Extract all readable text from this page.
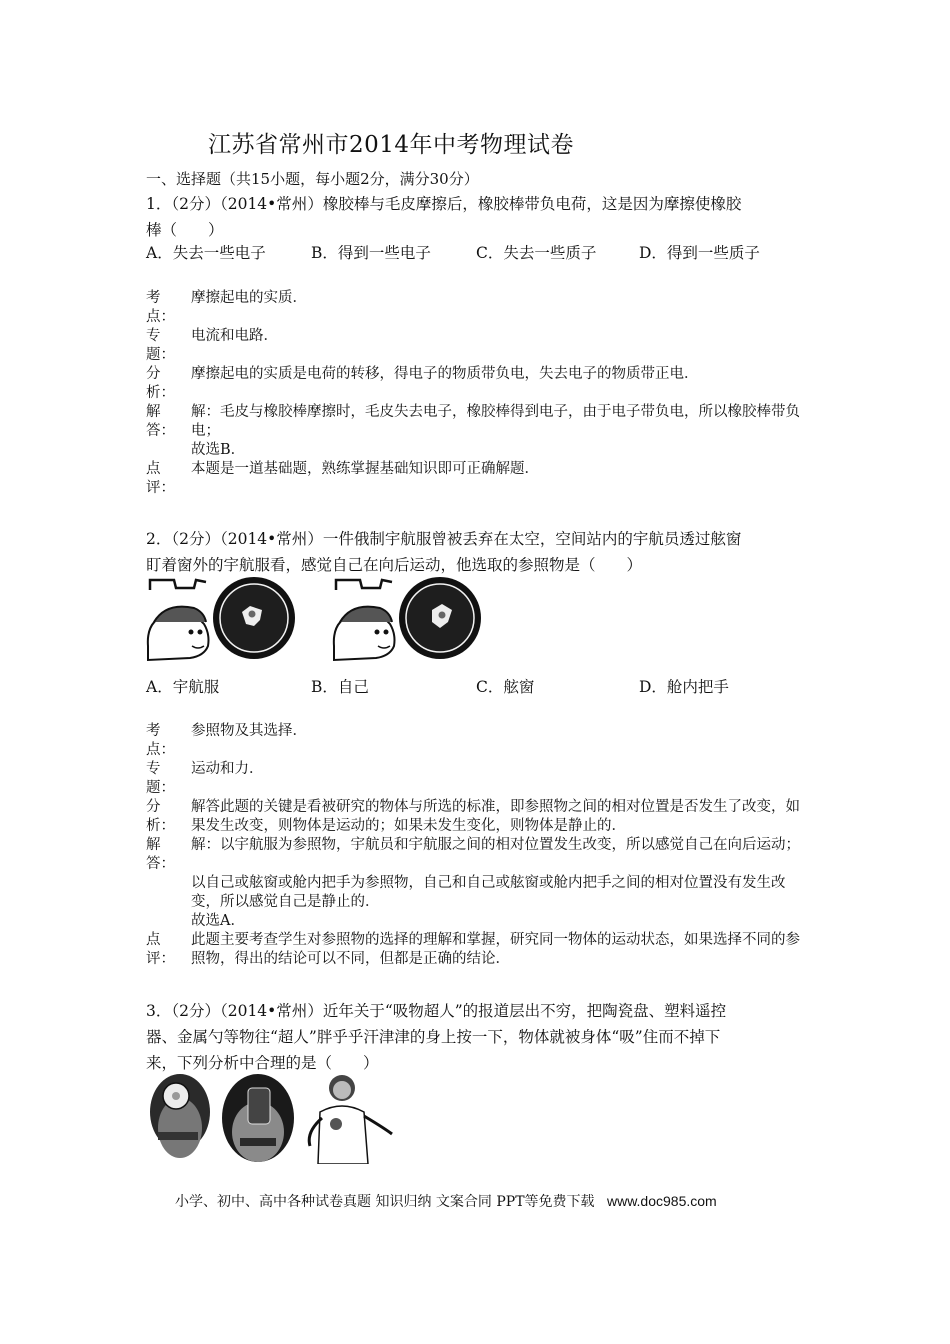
江苏省常州市2014年中考物理试卷
一、选择题（共15小题，每小题2分，满分30分）
1．（2分）（2014•常州）橡胶棒与毛皮摩擦后，橡胶棒带负电荷，这是因为摩擦使橡胶
棒（　　）
A．失去一些电子	B．得到一些电子	C．失去一些质子	D．得到一些质子
考点：
摩擦起电的实质．
专题：
电流和电路．
分析：
摩擦起电的实质是电荷的转移，得电子的物质带负电，失去电子的物质带正电．
解答：
解：毛皮与橡胶棒摩擦时，毛皮失去电子，橡胶棒得到电子，由于电子带负电，所以橡胶棒带负电；
故选B．
点评：
本题是一道基础题，熟练掌握基础知识即可正确解题．
2．（2分）（2014•常州）一件俄制宇航服曾被丢弃在太空，空间站内的宇航员透过舷窗
盯着窗外的宇航服看，感觉自己在向后运动，他选取的参照物是（　　）
A．宇航服	B．自己	C．舷窗	D．舱内把手
考点：
参照物及其选择．
专题：
运动和力．
分析：
解答此题的关键是看被研究的物体与所选的标准，即参照物之间的相对位置是否发生了改变，如果发生改变，则物体是运动的；如果未发生变化，则物体是静止的．
解答：
解：以宇航服为参照物，宇航员和宇航服之间的相对位置发生改变，所以感觉自己在向后运动；
以自己或舷窗或舱内把手为参照物，自己和自己或舷窗或舱内把手之间的相对位置没有发生改变，所以感觉自己是静止的．
故选A．
点评：
此题主要考查学生对参照物的选择的理解和掌握，研究同一物体的运动状态，如果选择不同的参照物，得出的结论可以不同，但都是正确的结论．
3．（2分）（2014•常州）近年关于“吸物超人”的报道层出不穷，把陶瓷盘、塑料遥控
器、金属勺等物往“超人”胖乎乎汗津津的身上按一下，物体就被身体“吸”住而不掉下
来，下列分析中合理的是（　　）
小学、初中、高中各种试卷真题 知识归纳 文案合同 PPT等免费下载 www.doc985.com
